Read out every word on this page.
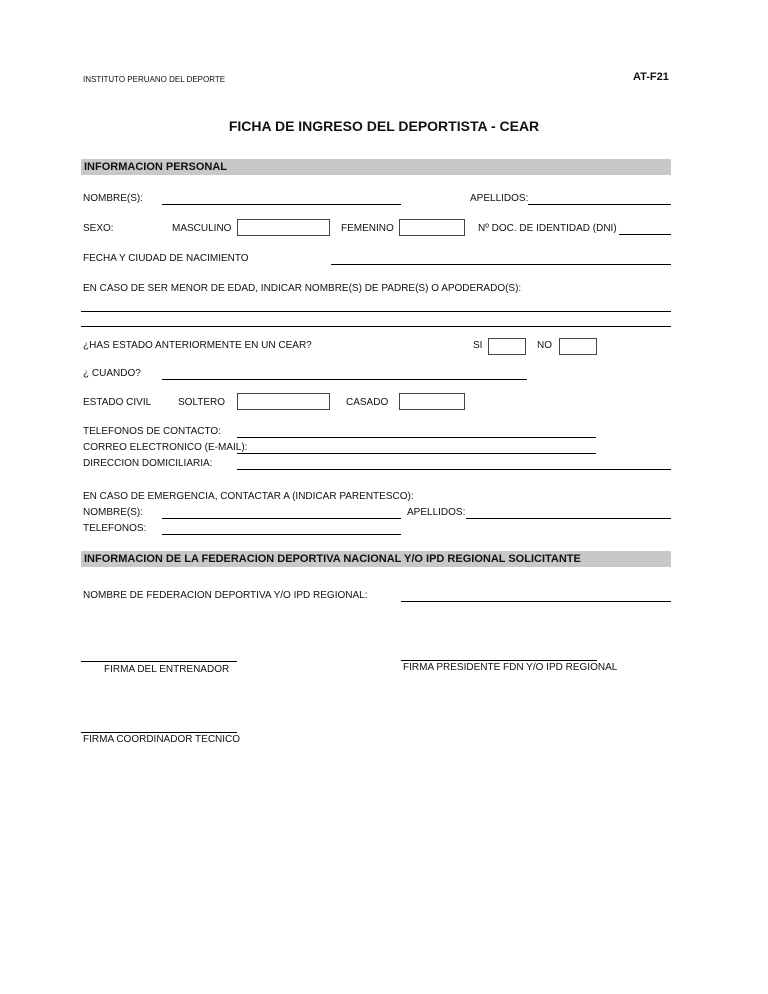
INSTITUTO PERUANO DEL DEPORTE	AT-F21
FICHA DE INGRESO DEL DEPORTISTA - CEAR
INFORMACION PERSONAL
NOMBRE(S):	APELLIDOS:
SEXO:	MASCULINO	FEMENINO	Nº DOC. DE IDENTIDAD (DNI)
FECHA Y CIUDAD DE NACIMIENTO
EN CASO DE SER MENOR DE EDAD, INDICAR NOMBRE(S) DE PADRE(S) O APODERADO(S):
¿HAS ESTADO ANTERIORMENTE EN UN CEAR?	SI	NO
¿ CUANDO?
ESTADO CIVIL	SOLTERO	CASADO
TELEFONOS DE CONTACTO:
CORREO ELECTRONICO (E-MAIL):
DIRECCION DOMICILIARIA:
EN CASO DE EMERGENCIA, CONTACTAR A (INDICAR PARENTESCO):
NOMBRE(S):	APELLIDOS:
TELEFONOS:
INFORMACION DE LA FEDERACION DEPORTIVA NACIONAL Y/O IPD REGIONAL SOLICITANTE
NOMBRE DE FEDERACION DEPORTIVA Y/O IPD REGIONAL:
FIRMA DEL ENTRENADOR	FIRMA PRESIDENTE FDN Y/O IPD REGIONAL
FIRMA COORDINADOR TECNICO
